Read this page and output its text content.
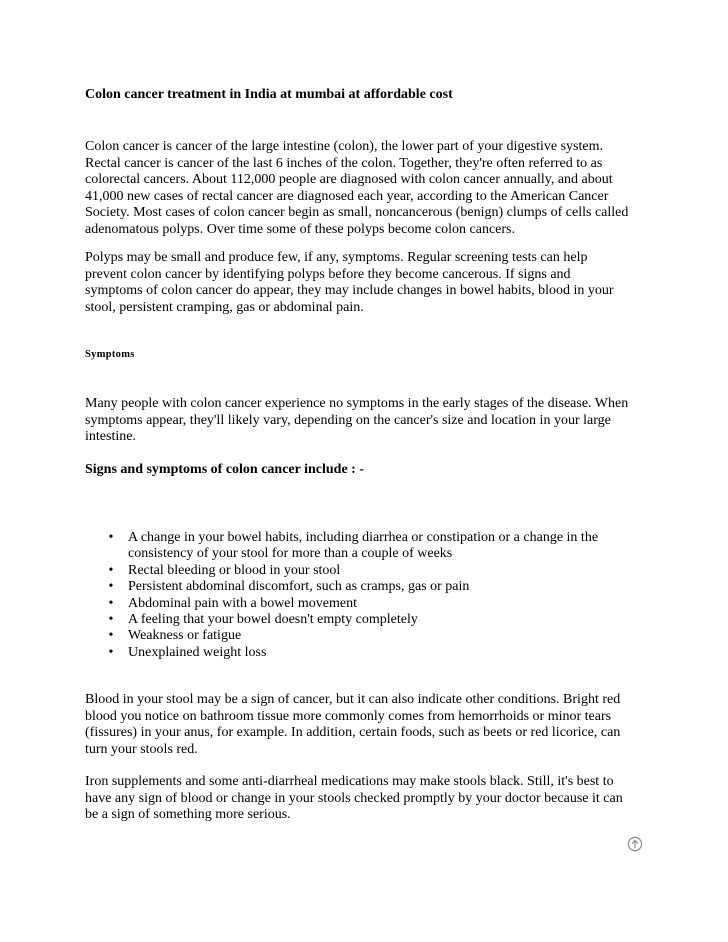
Colon cancer treatment in India at mumbai at affordable cost
Colon cancer is cancer of the large intestine (colon), the lower part of your digestive system.
Rectal cancer is cancer of the last 6 inches of the colon. Together, they're often referred to as
colorectal cancers. About 112,000 people are diagnosed with colon cancer annually, and about
41,000 new cases of rectal cancer are diagnosed each year, according to the American Cancer
Society. Most cases of colon cancer begin as small, noncancerous (benign) clumps of cells called
adenomatous polyps. Over time some of these polyps become colon cancers.
Polyps may be small and produce few, if any, symptoms. Regular screening tests can help
prevent colon cancer by identifying polyps before they become cancerous. If signs and
symptoms of colon cancer do appear, they may include changes in bowel habits, blood in your
stool, persistent cramping, gas or abdominal pain.
Symptoms
Many people with colon cancer experience no symptoms in the early stages of the disease. When
symptoms appear, they'll likely vary, depending on the cancer's size and location in your large
intestine.
Signs and symptoms of colon cancer include : -
•	A change in your bowel habits, including diarrhea or constipation or a change in the
consistency of your stool for more than a couple of weeks
•	Rectal bleeding or blood in your stool
•	Persistent abdominal discomfort, such as cramps, gas or pain
•	Abdominal pain with a bowel movement
•	A feeling that your bowel doesn't empty completely
•	Weakness or fatigue
•	Unexplained weight loss
Blood in your stool may be a sign of cancer, but it can also indicate other conditions. Bright red
blood you notice on bathroom tissue more commonly comes from hemorrhoids or minor tears
(fissures) in your anus, for example. In addition, certain foods, such as beets or red licorice, can
turn your stools red.
Iron supplements and some anti-diarrheal medications may make stools black. Still, it's best to
have any sign of blood or change in your stools checked promptly by your doctor because it can
be a sign of something more serious.
